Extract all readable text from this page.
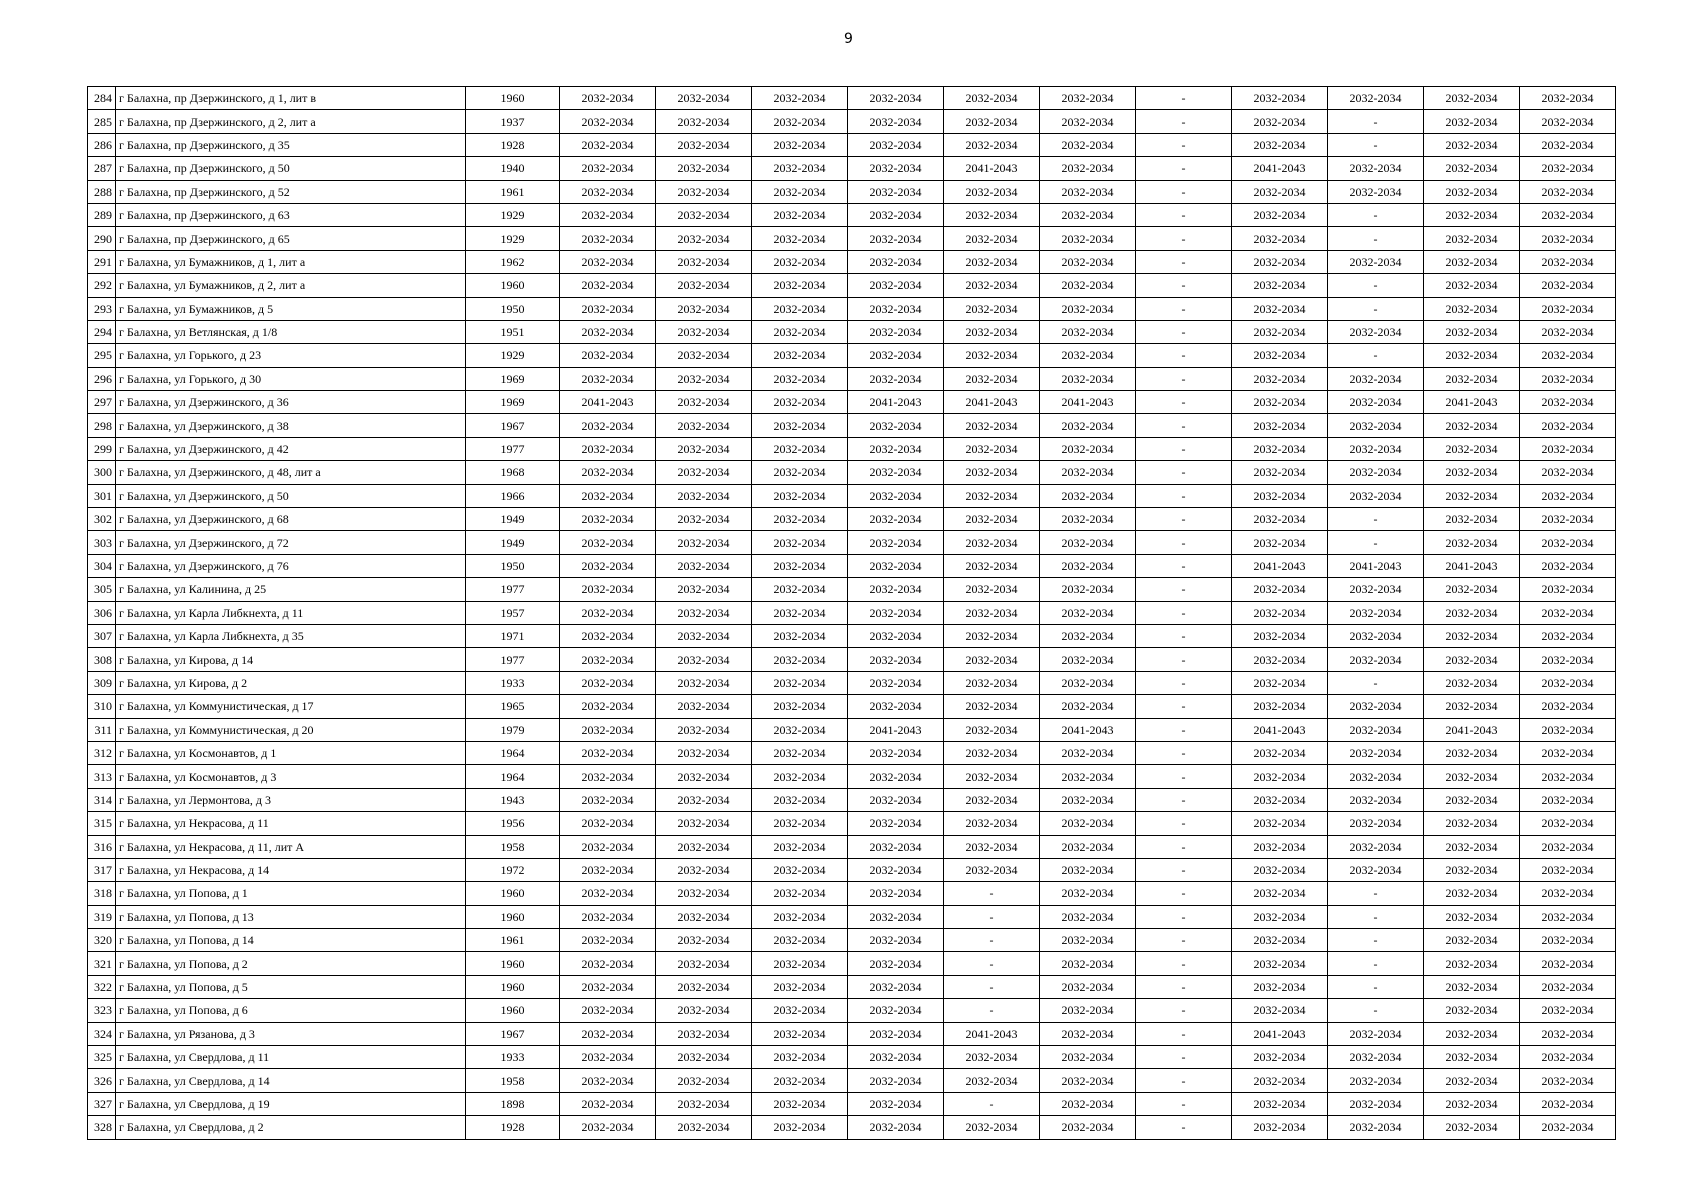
9
284	г Балахна, пр Дзержинского, д 1, лит в	1960	2032-2034	2032-2034	2032-2034	2032-2034	2032-2034	2032-2034	-	2032-2034	2032-2034	2032-2034	2032-2034
285	г Балахна, пр Дзержинского, д 2, лит а	1937	2032-2034	2032-2034	2032-2034	2032-2034	2032-2034	2032-2034	-	2032-2034	-	2032-2034	2032-2034
286	г Балахна, пр Дзержинского, д 35	1928	2032-2034	2032-2034	2032-2034	2032-2034	2032-2034	2032-2034	-	2032-2034	-	2032-2034	2032-2034
287	г Балахна, пр Дзержинского, д 50	1940	2032-2034	2032-2034	2032-2034	2032-2034	2041-2043	2032-2034	-	2041-2043	2032-2034	2032-2034	2032-2034
288	г Балахна, пр Дзержинского, д 52	1961	2032-2034	2032-2034	2032-2034	2032-2034	2032-2034	2032-2034	-	2032-2034	2032-2034	2032-2034	2032-2034
289	г Балахна, пр Дзержинского, д 63	1929	2032-2034	2032-2034	2032-2034	2032-2034	2032-2034	2032-2034	-	2032-2034	-	2032-2034	2032-2034
290	г Балахна, пр Дзержинского, д 65	1929	2032-2034	2032-2034	2032-2034	2032-2034	2032-2034	2032-2034	-	2032-2034	-	2032-2034	2032-2034
291	г Балахна, ул Бумажников, д 1, лит а	1962	2032-2034	2032-2034	2032-2034	2032-2034	2032-2034	2032-2034	-	2032-2034	2032-2034	2032-2034	2032-2034
292	г Балахна, ул Бумажников, д 2, лит а	1960	2032-2034	2032-2034	2032-2034	2032-2034	2032-2034	2032-2034	-	2032-2034	-	2032-2034	2032-2034
293	г Балахна, ул Бумажников, д 5	1950	2032-2034	2032-2034	2032-2034	2032-2034	2032-2034	2032-2034	-	2032-2034	-	2032-2034	2032-2034
294	г Балахна, ул Ветлянская, д 1/8	1951	2032-2034	2032-2034	2032-2034	2032-2034	2032-2034	2032-2034	-	2032-2034	2032-2034	2032-2034	2032-2034
295	г Балахна, ул Горького, д 23	1929	2032-2034	2032-2034	2032-2034	2032-2034	2032-2034	2032-2034	-	2032-2034	-	2032-2034	2032-2034
296	г Балахна, ул Горького, д 30	1969	2032-2034	2032-2034	2032-2034	2032-2034	2032-2034	2032-2034	-	2032-2034	2032-2034	2032-2034	2032-2034
297	г Балахна, ул Дзержинского, д 36	1969	2041-2043	2032-2034	2032-2034	2041-2043	2041-2043	2041-2043	-	2032-2034	2032-2034	2041-2043	2032-2034
298	г Балахна, ул Дзержинского, д 38	1967	2032-2034	2032-2034	2032-2034	2032-2034	2032-2034	2032-2034	-	2032-2034	2032-2034	2032-2034	2032-2034
299	г Балахна, ул Дзержинского, д 42	1977	2032-2034	2032-2034	2032-2034	2032-2034	2032-2034	2032-2034	-	2032-2034	2032-2034	2032-2034	2032-2034
300	г Балахна, ул Дзержинского, д 48, лит а	1968	2032-2034	2032-2034	2032-2034	2032-2034	2032-2034	2032-2034	-	2032-2034	2032-2034	2032-2034	2032-2034
301	г Балахна, ул Дзержинского, д 50	1966	2032-2034	2032-2034	2032-2034	2032-2034	2032-2034	2032-2034	-	2032-2034	2032-2034	2032-2034	2032-2034
302	г Балахна, ул Дзержинского, д 68	1949	2032-2034	2032-2034	2032-2034	2032-2034	2032-2034	2032-2034	-	2032-2034	-	2032-2034	2032-2034
303	г Балахна, ул Дзержинского, д 72	1949	2032-2034	2032-2034	2032-2034	2032-2034	2032-2034	2032-2034	-	2032-2034	-	2032-2034	2032-2034
304	г Балахна, ул Дзержинского, д 76	1950	2032-2034	2032-2034	2032-2034	2032-2034	2032-2034	2032-2034	-	2041-2043	2041-2043	2041-2043	2032-2034
305	г Балахна, ул Калинина, д 25	1977	2032-2034	2032-2034	2032-2034	2032-2034	2032-2034	2032-2034	-	2032-2034	2032-2034	2032-2034	2032-2034
306	г Балахна, ул Карла Либкнехта, д 11	1957	2032-2034	2032-2034	2032-2034	2032-2034	2032-2034	2032-2034	-	2032-2034	2032-2034	2032-2034	2032-2034
307	г Балахна, ул Карла Либкнехта, д 35	1971	2032-2034	2032-2034	2032-2034	2032-2034	2032-2034	2032-2034	-	2032-2034	2032-2034	2032-2034	2032-2034
308	г Балахна, ул Кирова, д 14	1977	2032-2034	2032-2034	2032-2034	2032-2034	2032-2034	2032-2034	-	2032-2034	2032-2034	2032-2034	2032-2034
309	г Балахна, ул Кирова, д 2	1933	2032-2034	2032-2034	2032-2034	2032-2034	2032-2034	2032-2034	-	2032-2034	-	2032-2034	2032-2034
310	г Балахна, ул Коммунистическая, д 17	1965	2032-2034	2032-2034	2032-2034	2032-2034	2032-2034	2032-2034	-	2032-2034	2032-2034	2032-2034	2032-2034
311	г Балахна, ул Коммунистическая, д 20	1979	2032-2034	2032-2034	2032-2034	2041-2043	2032-2034	2041-2043	-	2041-2043	2032-2034	2041-2043	2032-2034
312	г Балахна, ул Космонавтов, д 1	1964	2032-2034	2032-2034	2032-2034	2032-2034	2032-2034	2032-2034	-	2032-2034	2032-2034	2032-2034	2032-2034
313	г Балахна, ул Космонавтов, д 3	1964	2032-2034	2032-2034	2032-2034	2032-2034	2032-2034	2032-2034	-	2032-2034	2032-2034	2032-2034	2032-2034
314	г Балахна, ул Лермонтова, д 3	1943	2032-2034	2032-2034	2032-2034	2032-2034	2032-2034	2032-2034	-	2032-2034	2032-2034	2032-2034	2032-2034
315	г Балахна, ул Некрасова, д 11	1956	2032-2034	2032-2034	2032-2034	2032-2034	2032-2034	2032-2034	-	2032-2034	2032-2034	2032-2034	2032-2034
316	г Балахна, ул Некрасова, д 11, лит А	1958	2032-2034	2032-2034	2032-2034	2032-2034	2032-2034	2032-2034	-	2032-2034	2032-2034	2032-2034	2032-2034
317	г Балахна, ул Некрасова, д 14	1972	2032-2034	2032-2034	2032-2034	2032-2034	2032-2034	2032-2034	-	2032-2034	2032-2034	2032-2034	2032-2034
318	г Балахна, ул Попова, д 1	1960	2032-2034	2032-2034	2032-2034	2032-2034	-	2032-2034	-	2032-2034	-	2032-2034	2032-2034
319	г Балахна, ул Попова, д 13	1960	2032-2034	2032-2034	2032-2034	2032-2034	-	2032-2034	-	2032-2034	-	2032-2034	2032-2034
320	г Балахна, ул Попова, д 14	1961	2032-2034	2032-2034	2032-2034	2032-2034	-	2032-2034	-	2032-2034	-	2032-2034	2032-2034
321	г Балахна, ул Попова, д 2	1960	2032-2034	2032-2034	2032-2034	2032-2034	-	2032-2034	-	2032-2034	-	2032-2034	2032-2034
322	г Балахна, ул Попова, д 5	1960	2032-2034	2032-2034	2032-2034	2032-2034	-	2032-2034	-	2032-2034	-	2032-2034	2032-2034
323	г Балахна, ул Попова, д 6	1960	2032-2034	2032-2034	2032-2034	2032-2034	-	2032-2034	-	2032-2034	-	2032-2034	2032-2034
324	г Балахна, ул Рязанова, д 3	1967	2032-2034	2032-2034	2032-2034	2032-2034	2041-2043	2032-2034	-	2041-2043	2032-2034	2032-2034	2032-2034
325	г Балахна, ул Свердлова, д 11	1933	2032-2034	2032-2034	2032-2034	2032-2034	2032-2034	2032-2034	-	2032-2034	2032-2034	2032-2034	2032-2034
326	г Балахна, ул Свердлова, д 14	1958	2032-2034	2032-2034	2032-2034	2032-2034	2032-2034	2032-2034	-	2032-2034	2032-2034	2032-2034	2032-2034
327	г Балахна, ул Свердлова, д 19	1898	2032-2034	2032-2034	2032-2034	2032-2034	-	2032-2034	-	2032-2034	2032-2034	2032-2034	2032-2034
328	г Балахна, ул Свердлова, д 2	1928	2032-2034	2032-2034	2032-2034	2032-2034	2032-2034	2032-2034	-	2032-2034	2032-2034	2032-2034	2032-2034
